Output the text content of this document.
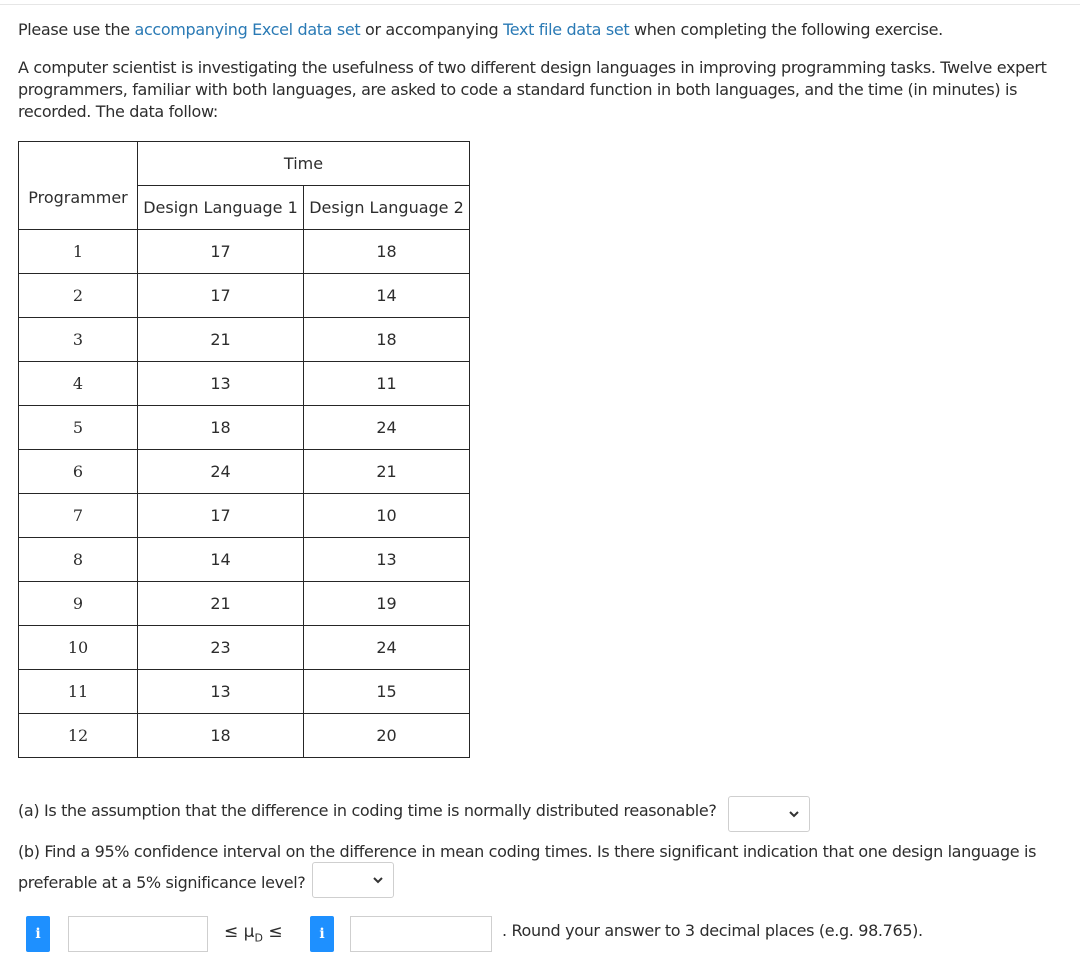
Please use the accompanying Excel data set or accompanying Text file data set when completing the following exercise.
A computer scientist is investigating the usefulness of two different design languages in improving programming tasks. Twelve expert programmers, familiar with both languages, are asked to code a standard function in both languages, and the time (in minutes) is recorded. The data follow:
Programmer	Time	
	Design Language 1	Design Language 2
1	17	18
2	17	14
3	21	18
4	13	11
5	18	24
6	24	21
7	17	10
8	14	13
9	21	19
10	23	24
11	13	15
12	18	20
(a) Is the assumption that the difference in coding time is normally distributed reasonable?
(b) Find a 95% confidence interval on the difference in mean coding times. Is there significant indication that one design language is preferable at a 5% significance level?
i	≤ $\mu_D$ ≤	i	. Round your answer to 3 decimal places (e.g. 98.765).
